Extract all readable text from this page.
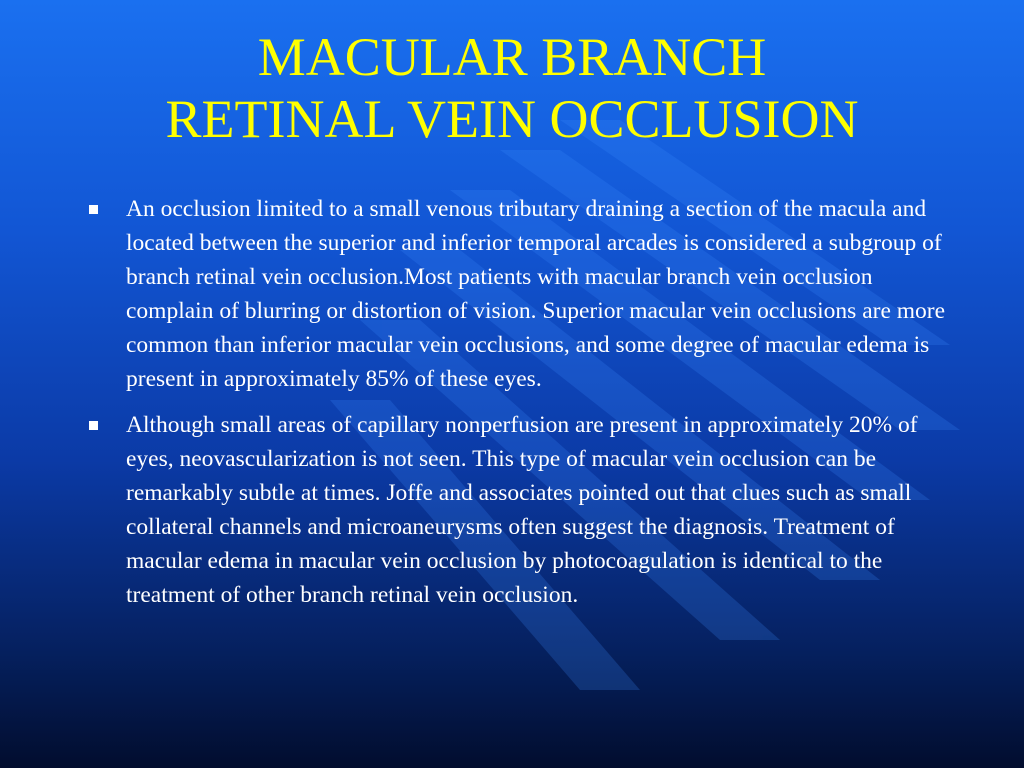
MACULAR BRANCH
RETINAL VEIN OCCLUSION
An occlusion limited to a small venous tributary draining a section of the macula and located between the superior and inferior temporal arcades is considered a subgroup of branch retinal vein occlusion.Most patients with macular branch vein occlusion complain of blurring or distortion of vision. Superior macular vein occlusions are more common than inferior macular vein occlusions, and some degree of macular edema is present in approximately 85% of these eyes.
Although small areas of capillary nonperfusion are present in approximately 20% of eyes, neovascularization is not seen. This type of macular vein occlusion can be remarkably subtle at times. Joffe and associates pointed out that clues such as small collateral channels and microaneurysms often suggest the diagnosis. Treatment of macular edema in macular vein occlusion by photocoagulation is identical to the treatment of other branch retinal vein occlusion.
